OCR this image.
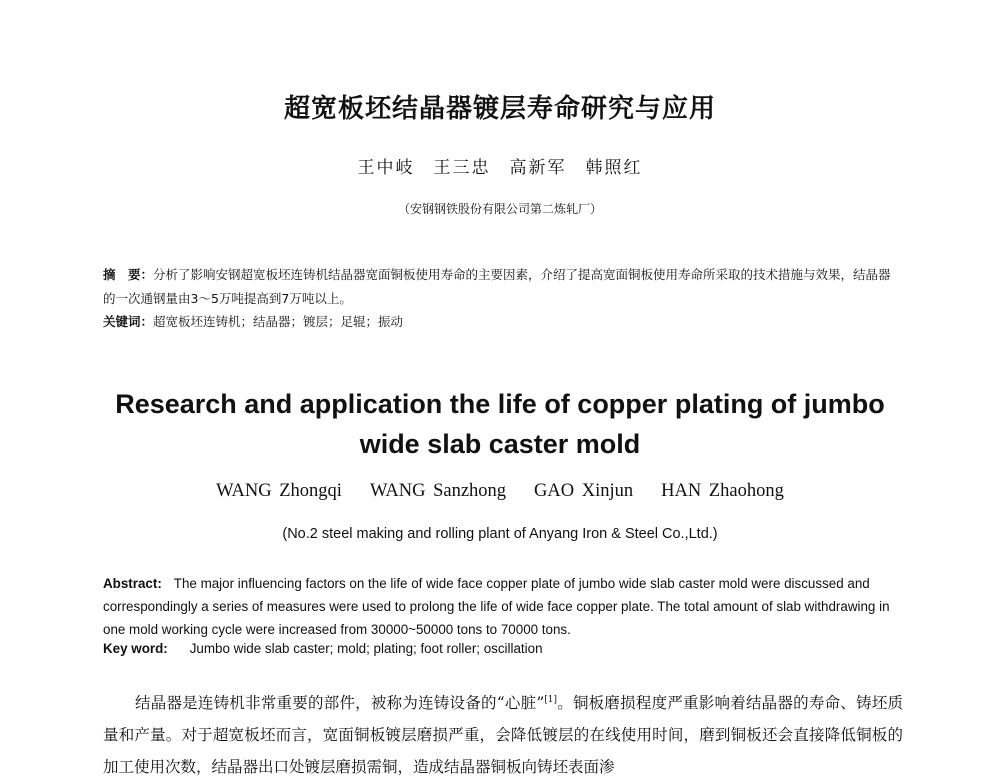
超宽板坯结晶器镀层寿命研究与应用
王中岐　王三忠　高新军　韩照红
（安钢钢铁股份有限公司第二炼轧厂）
摘　要：分析了影响安钢超宽板坯连铸机结晶器宽面铜板使用寿命的主要因素，介绍了提高宽面铜板使用寿命所采取的技术措施与效果，结晶器的一次通钢量由3～5万吨提高到7万吨以上。
关键词：超宽板坯连铸机；结晶器；镀层；足辊；振动
Research and application the life of copper plating of jumbo wide slab caster mold
WANG Zhongqi WANG Sanzhong GAO Xinjun HAN Zhaohong
(No.2 steel making and rolling plant of Anyang Iron & Steel Co.,Ltd.)
Abstract: The major influencing factors on the life of wide face copper plate of jumbo wide slab caster mold were discussed and correspondingly a series of measures were used to prolong the life of wide face copper plate. The total amount of slab withdrawing in one mold working cycle were increased from 30000~50000 tons to 70000 tons.
Key word: Jumbo wide slab caster; mold; plating; foot roller; oscillation
结晶器是连铸机非常重要的部件，被称为连铸设备的“心脏”[1]。铜板磨损程度严重影响着结晶器的寿命、铸坯质量和产量。对于超宽板坯而言，宽面铜板镀层磨损严重，会降低镀层的在线使用时间，磨到铜板还会直接降低铜板的加工使用次数，结晶器出口处镀层磨损需铜，造成结晶器铜板向铸坯表面渗
